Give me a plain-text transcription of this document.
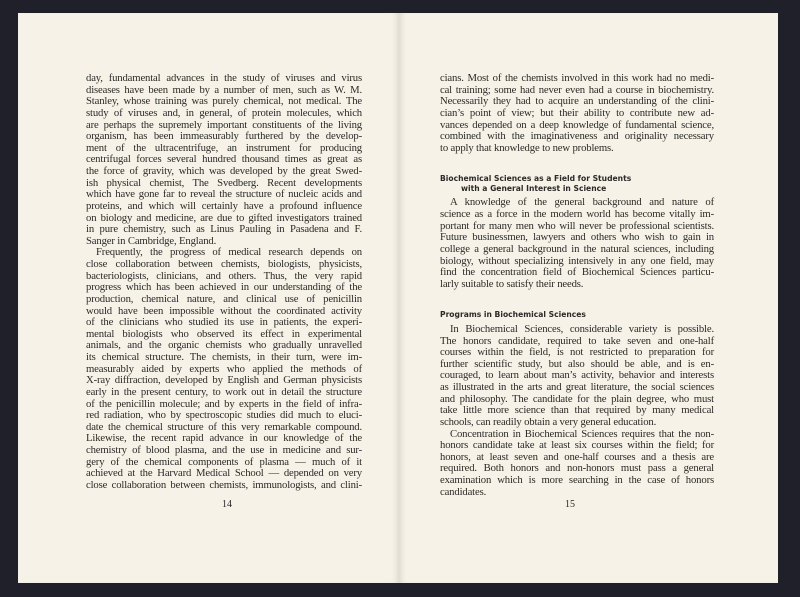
day, fundamental advances in the study of viruses and virus
diseases have been made by a number of men, such as W. M.
Stanley, whose training was purely chemical, not medical. The
study of viruses and, in general, of protein molecules, which
are perhaps the supremely important constituents of the living
organism, has been immeasurably furthered by the develop-
ment of the ultracentrifuge, an instrument for producing
centrifugal forces several hundred thousand times as great as
the force of gravity, which was developed by the great Swed-
ish physical chemist, The Svedberg. Recent developments
which have gone far to reveal the structure of nucleic acids and
proteins, and which will certainly have a profound influence
on biology and medicine, are due to gifted investigators trained
in pure chemistry, such as Linus Pauling in Pasadena and F.
Sanger in Cambridge, England.
Frequently, the progress of medical research depends on
close collaboration between chemists, biologists, physicists,
bacteriologists, clinicians, and others. Thus, the very rapid
progress which has been achieved in our understanding of the
production, chemical nature, and clinical use of penicillin
would have been impossible without the coordinated activity
of the clinicians who studied its use in patients, the experi-
mental biologists who observed its effect in experimental
animals, and the organic chemists who gradually unravelled
its chemical structure. The chemists, in their turn, were im-
measurably aided by experts who applied the methods of
X-ray diffraction, developed by English and German physicists
early in the present century, to work out in detail the structure
of the penicillin molecule; and by experts in the field of infra-
red radiation, who by spectroscopic studies did much to eluci-
date the chemical structure of this very remarkable compound.
Likewise, the recent rapid advance in our knowledge of the
chemistry of blood plasma, and the use in medicine and sur-
gery of the chemical components of plasma — much of it
achieved at the Harvard Medical School — depended on very
close collaboration between chemists, immunologists, and clini-
14
cians. Most of the chemists involved in this work had no medi-
cal training; some had never even had a course in biochemistry.
Necessarily they had to acquire an understanding of the clini-
cian’s point of view; but their ability to contribute new ad-
vances depended on a deep knowledge of fundamental science,
combined with the imaginativeness and originality necessary
to apply that knowledge to new problems.
Biochemical Sciences as a Field for Students
with a General Interest in Science
A knowledge of the general background and nature of
science as a force in the modern world has become vitally im-
portant for many men who will never be professional scientists.
Future businessmen, lawyers and others who wish to gain in
college a general background in the natural sciences, including
biology, without specializing intensively in any one field, may
find the concentration field of Biochemical Sciences particu-
larly suitable to satisfy their needs.
Programs in Biochemical Sciences
In Biochemical Sciences, considerable variety is possible.
The honors candidate, required to take seven and one-half
courses within the field, is not restricted to preparation for
further scientific study, but also should be able, and is en-
couraged, to learn about man’s activity, behavior and interests
as illustrated in the arts and great literature, the social sciences
and philosophy. The candidate for the plain degree, who must
take little more science than that required by many medical
schools, can readily obtain a very general education.
Concentration in Biochemical Sciences requires that the non-
honors candidate take at least six courses within the field; for
honors, at least seven and one-half courses and a thesis are
required. Both honors and non-honors must pass a general
examination which is more searching in the case of honors
candidates.
15
